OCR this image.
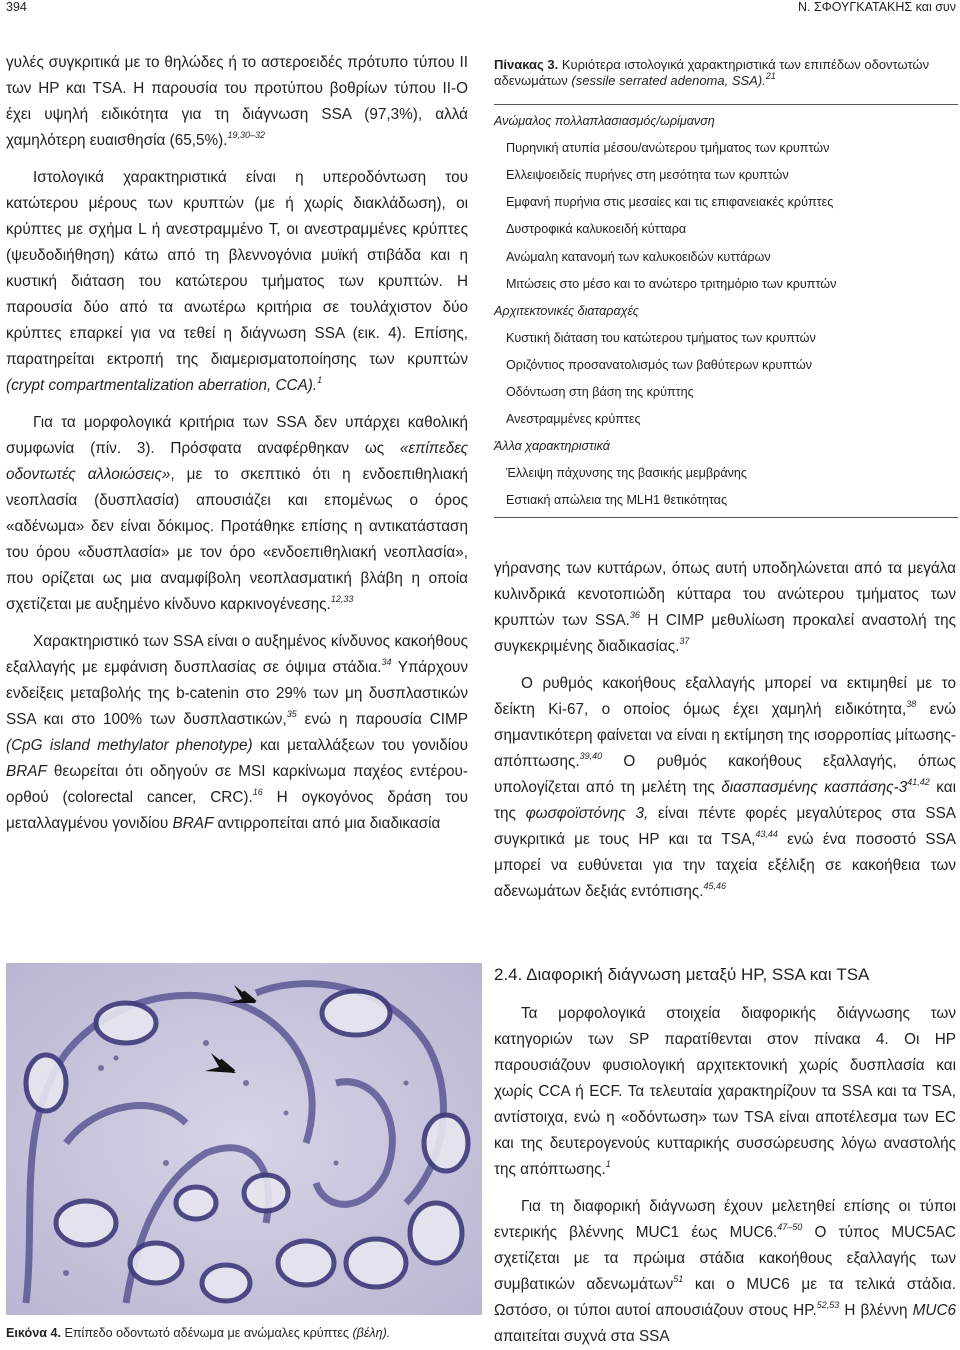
394	Ν. ΣΦΟΥΓΚΑΤΑΚΗΣ και συν

γυλές συγκριτικά με το θηλώδες ή το αστεροειδές πρότυπο τύπου II των HP και TSA. Η παρουσία του προτύπου βοθρίων τύπου II-O έχει υψηλή ειδικότητα για τη διάγνωση SSA (97,3%), αλλά χαμηλότερη ευαισθησία (65,5%).$^{19,30-32}$

Ιστολογικά χαρακτηριστικά είναι η υπεροδόντωση του κατώτερου μέρους των κρυπτών (με ή χωρίς διακλάδωση), οι κρύπτες με σχήμα L ή ανεστραμμένο T, οι ανεστραμμένες κρύπτες (ψευδοδιήθηση) κάτω από τη βλεννογόνια μυϊκή στιβάδα και η κυστική διάταση του κατώτερου τμήματος των κρυπτών. Η παρουσία δύο από τα ανωτέρω κριτήρια σε τουλάχιστον δύο κρύπτες επαρκεί για να τεθεί η διάγνωση SSA (εικ. 4). Επίσης, παρατηρείται εκτροπή της διαμερισματοποίησης των κρυπτών (crypt compartmentalization aberration, CCA).$^1$

Για τα μορφολογικά κριτήρια των SSA δεν υπάρχει καθολική συμφωνία (πίν. 3). Πρόσφατα αναφέρθηκαν ως «επίπεδες οδοντωτές αλλοιώσεις», με το σκεπτικό ότι η ενδοεπιθηλιακή νεοπλασία (δυσπλασία) απουσιάζει και επομένως ο όρος «αδένωμα» δεν είναι δόκιμος. Προτάθηκε επίσης η αντικατάσταση του όρου «δυσπλασία» με τον όρο «ενδοεπιθηλιακή νεοπλασία», που ορίζεται ως μια αναμφίβολη νεοπλασματική βλάβη η οποία σχετίζεται με αυξημένο κίνδυνο καρκινογένεσης.$^{12,33}$

Χαρακτηριστικό των SSA είναι ο αυξημένος κίνδυνος κακοήθους εξαλλαγής με εμφάνιση δυσπλασίας σε όψιμα στάδια.$^{34}$ Υπάρχουν ενδείξεις μεταβολής της b-catenin στο 29% των μη δυσπλαστικών SSA και στο 100% των δυσπλαστικών,$^{35}$ ενώ η παρουσία CIMP (CpG island methylator phenotype) και μεταλλάξεων του γονιδίου BRAF θεωρείται ότι οδηγούν σε MSI καρκίνωμα παχέος εντέρου-ορθού (colorectal cancer, CRC).$^{16}$ Η ογκογόνος δράση του μεταλλαγμένου γονιδίου BRAF αντιρροπείται από μια διαδικασία

Πίνακας 3. Κυριότερα ιστολογικά χαρακτηριστικά των επιπέδων οδοντωτών αδενωμάτων (sessile serrated adenoma, SSA).$^{21}$
Ανώμαλος πολλαπλασιασμός/ωρίμανση
Πυρηνική ατυπία μέσου/ανώτερου τμήματος των κρυπτών
Ελλειψοειδείς πυρήνες στη μεσότητα των κρυπτών
Εμφανή πυρήνια στις μεσαίες και τις επιφανειακές κρύπτες
Δυστροφικά καλυκοειδή κύτταρα
Ανώμαλη κατανομή των καλυκοειδών κυττάρων
Μιτώσεις στο μέσο και το ανώτερο τριτημόριο των κρυπτών
Αρχιτεκτονικές διαταραχές
Κυστική διάταση του κατώτερου τμήματος των κρυπτών
Οριζόντιος προσανατολισμός των βαθύτερων κρυπτών
Οδόντωση στη βάση της κρύπτης
Ανεστραμμένες κρύπτες
Άλλα χαρακτηριστικά
Έλλειψη πάχυνσης της βασικής μεμβράνης
Εστιακή απώλεια της MLH1 θετικότητας

γήρανσης των κυττάρων, όπως αυτή υποδηλώνεται από τα μεγάλα κυλινδρικά κενοτοπιώδη κύτταρα του ανώτερου τμήματος των κρυπτών των SSA.$^{36}$ Η CIMP μεθυλίωση προκαλεί αναστολή της συγκεκριμένης διαδικασίας.$^{37}$

Ο ρυθμός κακοήθους εξαλλαγής μπορεί να εκτιμηθεί με το δείκτη Ki-67, ο οποίος όμως έχει χαμηλή ειδικότητα,$^{38}$ ενώ σημαντικότερη φαίνεται να είναι η εκτίμηση της ισορροπίας μίτωσης-απόπτωσης.$^{39,40}$ Ο ρυθμός κακοήθους εξαλλαγής, όπως υπολογίζεται από τη μελέτη της διασπασμένης κασπάσης-3$^{41,42}$ και της φωσφοϊστόνης 3, είναι πέντε φορές μεγαλύτερος στα SSA συγκριτικά με τους HP και τα TSA,$^{43,44}$ ενώ ένα ποσοστό SSA μπορεί να ευθύνεται για την ταχεία εξέλιξη σε κακοήθεια των αδενωμάτων δεξιάς εντόπισης.$^{45,46}$

2.4. Διαφορική διάγνωση μεταξύ HP, SSA και TSA

Τα μορφολογικά στοιχεία διαφορικής διάγνωσης των κατηγοριών των SP παρατίθενται στον πίνακα 4. Οι HP παρουσιάζουν φυσιολογική αρχιτεκτονική χωρίς δυσπλασία και χωρίς CCA ή ECF. Τα τελευταία χαρακτηρίζουν τα SSA και τα TSA, αντίστοιχα, ενώ η «οδόντωση» των TSA είναι αποτέλεσμα των EC και της δευτερογενούς κυτταρικής συσσώρευσης λόγω αναστολής της απόπτωσης.$^1$

Για τη διαφορική διάγνωση έχουν μελετηθεί επίσης οι τύποι εντερικής βλέννης MUC1 έως MUC6.$^{47-50}$ Ο τύπος MUC5AC σχετίζεται με τα πρώιμα στάδια κακοήθους εξαλλαγής των συμβατικών αδενωμάτων$^{51}$ και ο MUC6 με τα τελικά στάδια. Ωστόσο, οι τύποι αυτοί απουσιάζουν στους HP.$^{52,53}$ Η βλέννη MUC6 απαιτείται συχνά στα SSA

Εικόνα 4. Επίπεδο οδοντωτό αδένωμα με ανώμαλες κρύπτες (βέλη).
